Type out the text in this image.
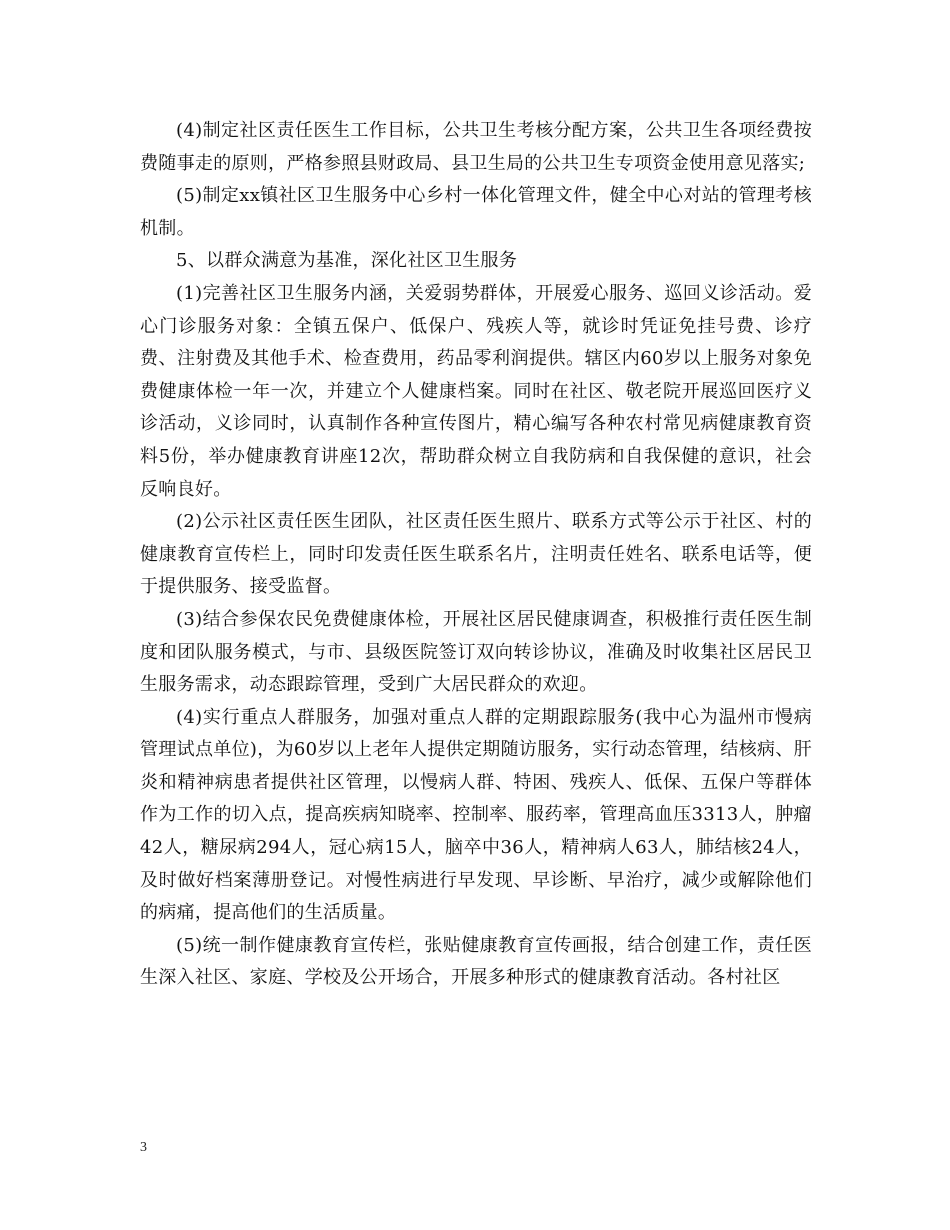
(4)制定社区责任医生工作目标，公共卫生考核分配方案，公共卫生各项经费按费随事走的原则，严格参照县财政局、县卫生局的公共卫生专项资金使用意见落实;

(5)制定xx镇社区卫生服务中心乡村一体化管理文件，健全中心对站的管理考核机制。

5、以群众满意为基准，深化社区卫生服务

(1)完善社区卫生服务内涵，关爱弱势群体，开展爱心服务、巡回义诊活动。爱心门诊服务对象：全镇五保户、低保户、残疾人等，就诊时凭证免挂号费、诊疗费、注射费及其他手术、检查费用，药品零利润提供。辖区内60岁以上服务对象免费健康体检一年一次，并建立个人健康档案。同时在社区、敬老院开展巡回医疗义诊活动，义诊同时，认真制作各种宣传图片，精心编写各种农村常见病健康教育资料5份，举办健康教育讲座12次，帮助群众树立自我防病和自我保健的意识，社会反响良好。

(2)公示社区责任医生团队，社区责任医生照片、联系方式等公示于社区、村的健康教育宣传栏上，同时印发责任医生联系名片，注明责任姓名、联系电话等，便于提供服务、接受监督。

(3)结合参保农民免费健康体检，开展社区居民健康调查，积极推行责任医生制度和团队服务模式，与市、县级医院签订双向转诊协议，准确及时收集社区居民卫生服务需求，动态跟踪管理，受到广大居民群众的欢迎。

(4)实行重点人群服务，加强对重点人群的定期跟踪服务(我中心为温州市慢病管理试点单位)，为60岁以上老年人提供定期随访服务，实行动态管理，结核病、肝炎和精神病患者提供社区管理，以慢病人群、特困、残疾人、低保、五保户等群体作为工作的切入点，提高疾病知晓率、控制率、服药率，管理高血压3313人，肿瘤42人，糖尿病294人，冠心病15人，脑卒中36人，精神病人63人，肺结核24人，及时做好档案薄册登记。对慢性病进行早发现、早诊断、早治疗，减少或解除他们的病痛，提高他们的生活质量。

(5)统一制作健康教育宣传栏，张贴健康教育宣传画报，结合创建工作，责任医生深入社区、家庭、学校及公开场合，开展多种形式的健康教育活动。各村社区

3
